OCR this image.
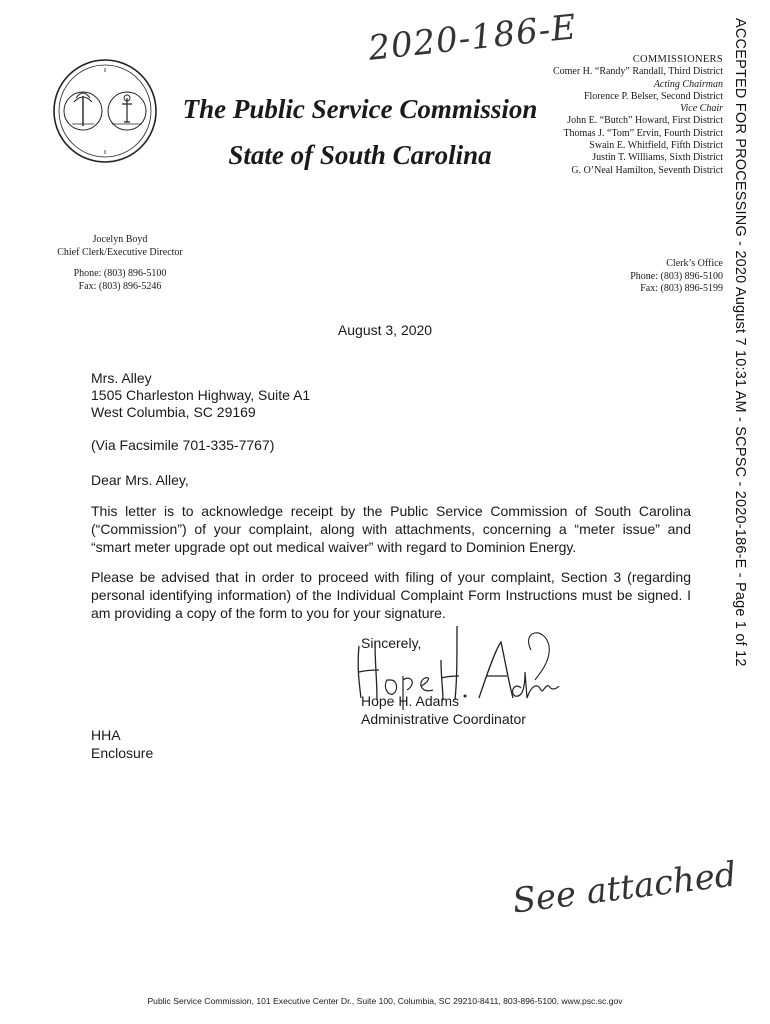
2020-186-E
The Public Service Commission
State of South Carolina
COMMISSIONERS
Comer H. “Randy” Randall, Third District
Acting Chairman
Florence P. Belser, Second District
Vice Chair
John E. “Butch” Howard, First District
Thomas J. “Tom” Ervin, Fourth District
Swain E. Whitfield, Fifth District
Justin T. Williams, Sixth District
G. O’Neal Hamilton, Seventh District
Jocelyn Boyd
Chief Clerk/Executive Director
Phone: (803) 896-5100
Fax: (803) 896-5246
Clerk’s Office
Phone: (803) 896-5100
Fax: (803) 896-5199
August 3, 2020
Mrs. Alley
1505 Charleston Highway, Suite A1
West Columbia, SC 29169
(Via Facsimile 701-335-7767)
Dear Mrs. Alley,
This letter is to acknowledge receipt by the Public Service Commission of South Carolina (“Commission”) of your complaint, along with attachments, concerning a “meter issue” and “smart meter upgrade opt out medical waiver” with regard to Dominion Energy.
Please be advised that in order to proceed with filing of your complaint, Section 3 (regarding personal identifying information) of the Individual Complaint Form Instructions must be signed. I am providing a copy of the form to you for your signature.
Sincerely,
Hope H. Adams
Administrative Coordinator
HHA
Enclosure
See attached
Public Service Commission, 101 Executive Center Dr., Suite 100, Columbia, SC 29210-8411, 803-896-5100, www.psc.sc.gov
ACCEPTED FOR PROCESSING - 2020 August 7 10:31 AM - SCPSC - 2020-186-E - Page 1 of 12
